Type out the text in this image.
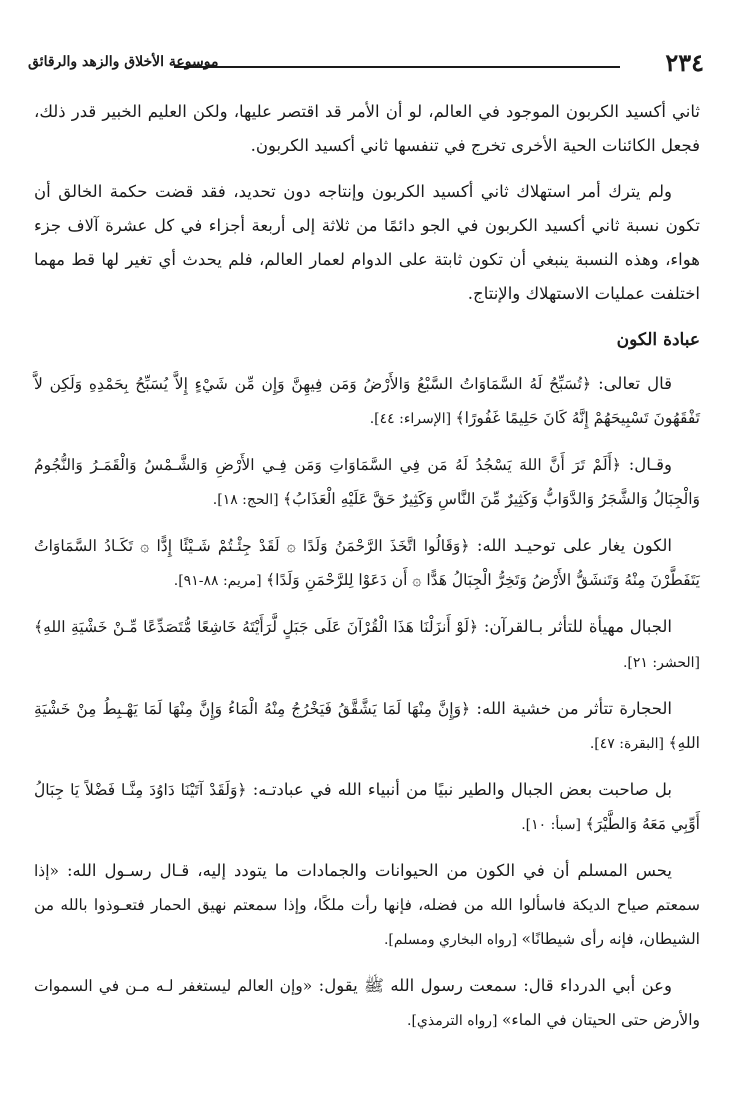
٢٣٤
موسوعة الأخلاق والزهد والرقائق

ثاني أكسيد الكربون الموجود في العالم، لو أن الأمر قد اقتصر عليها، ولكن العليم الخبير قدر ذلك، فجعل الكائنات الحية الأخرى تخرج في تنفسها ثاني أكسيد الكربون.

ولم يترك أمر استهلاك ثاني أكسيد الكربون وإنتاجه دون تحديد، فقد قضت حكمة الخالق أن تكون نسبة ثاني أكسيد الكربون في الجو دائمًا من ثلاثة إلى أربعة أجزاء في كل عشرة آلاف جزء هواء، وهذه النسبة ينبغي أن تكون ثابتة على الدوام لعمار العالم، فلم يحدث أي تغير لها قط مهما اختلفت عمليات الاستهلاك والإنتاج.

عبادة الكون

قال تعالى: ﴿تُسَبِّحُ لَهُ السَّمَاوَاتُ السَّبْعُ وَالأَرْضُ وَمَن فِيهِنَّ وَإِن مِّن شَيْءٍ إِلاَّ يُسَبِّحُ بِحَمْدِهِ وَلَكِن لاَّ تَفْقَهُونَ تَسْبِيحَهُمْ إِنَّهُ كَانَ حَلِيمًا غَفُورًا﴾ [الإسراء: ٤٤].

وقـال: ﴿أَلَمْ تَرَ أَنَّ اللهَ يَسْجُدُ لَهُ مَن فِي السَّمَاوَاتِ وَمَن فِـي الأَرْضِ وَالشَّـمْسُ وَالْقَمَـرُ وَالنُّجُومُ وَالْجِبَالُ وَالشَّجَرُ وَالدَّوَابُّ وَكَثِيرٌ مِّنَ النَّاسِ وَكَثِيرٌ حَقَّ عَلَيْهِ الْعَذَابُ﴾ [الحج: ١٨].

الكون يغار على توحيـد الله: ﴿وَقَالُوا اتَّخَذَ الرَّحْمَنُ وَلَدًا ۞ لَقَدْ جِئْـتُمْ شَـيْئًا إِدًّا ۞ تَكَـادُ السَّمَاوَاتُ يَتَفَطَّرْنَ مِنْهُ وَتَنشَقُّ الأَرْضُ وَتَخِرُّ الْجِبَالُ هَدًّا ۞ أَن دَعَوْا لِلرَّحْمَنِ وَلَدًا﴾ [مريم: ٨٨-٩١].

الجبال مهيأة للتأثر بـالقرآن: ﴿لَوْ أَنزَلْنَا هَذَا الْقُرْآنَ عَلَى جَبَلٍ لَّرَأَيْتَهُ خَاشِعًا مُّتَصَدِّعًا مِّـنْ خَشْيَةِ اللهِ﴾ [الحشر: ٢١].

الحجارة تتأثر من خشية الله: ﴿وَإِنَّ مِنْهَا لَمَا يَشَّقَّقُ فَيَخْرُجُ مِنْهُ الْمَاءُ وَإِنَّ مِنْهَا لَمَا يَهْـبِطُ مِنْ خَشْيَةِ اللهِ﴾ [البقرة: ٤٧].

بل صاحبت بعض الجبال والطير نبيًا من أنبياء الله في عبادتـه: ﴿وَلَقَدْ آتَيْنَا دَاوُدَ مِنَّـا فَضْلاً يَا جِبَالُ أَوِّبِي مَعَهُ وَالطَّيْرَ﴾ [سبأ: ١٠].

يحس المسلم أن في الكون من الحيوانات والجمادات ما يتودد إليه، قـال رسـول الله: «إذا سمعتم صياح الديكة فاسألوا الله من فضله، فإنها رأت ملكًا، وإذا سمعتم نهيق الحمار فتعـوذوا بالله من الشيطان، فإنه رأى شيطانًا» [رواه البخاري ومسلم].

وعن أبي الدرداء قال: سمعت رسول الله ﷺ يقول: «وإن العالم ليستغفر لـه مـن في السموات والأرض حتى الحيتان في الماء» [رواه الترمذي].
